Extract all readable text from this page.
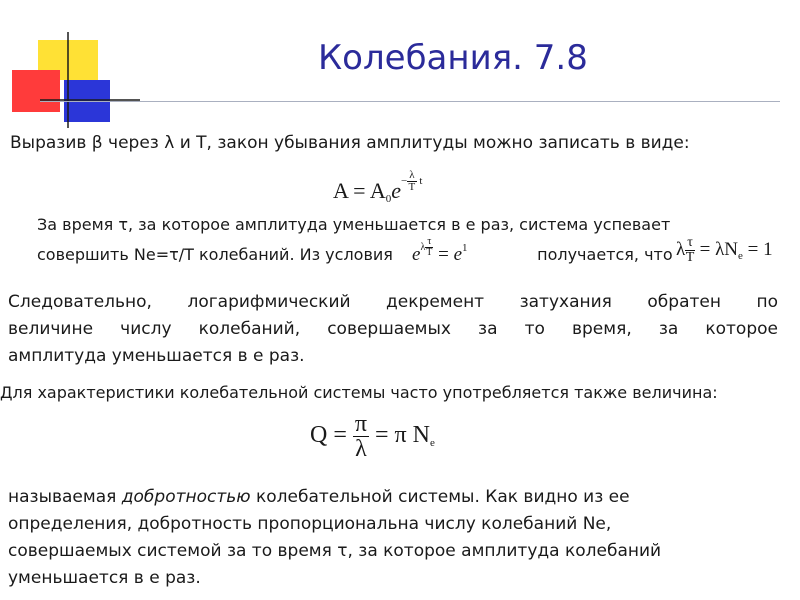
Колебания. 7.8
Выразив β через λ и T, закон убывания амплитуды можно записать в виде:
$A = A_0e- \frac{\lambda}{T}$ t
За время τ, за которое амплитуда уменьшается в е раз, система успевает
совершить Nе=τ/T колебаний. Из условия eλ $\frac{\tau}{T} = e^1$	получается, что λ $\frac{\tau}{T} = \lambda N_e = 1$
Следовательно, логарифмический декремент затухания обратен по
величине числу колебаний, совершаемых за то время, за которое
амплитуда уменьшается в е раз.
Для характеристики колебательной системы часто употребляется также величина:
$Q = \frac{\pi}{\lambda} = \pi$ $N_e$
называемая добротностью колебательной системы. Как видно из ее
определения, добротность пропорциональна числу колебаний Nе,
совершаемых системой за то время τ, за которое амплитуда колебаний
уменьшается в е раз.
